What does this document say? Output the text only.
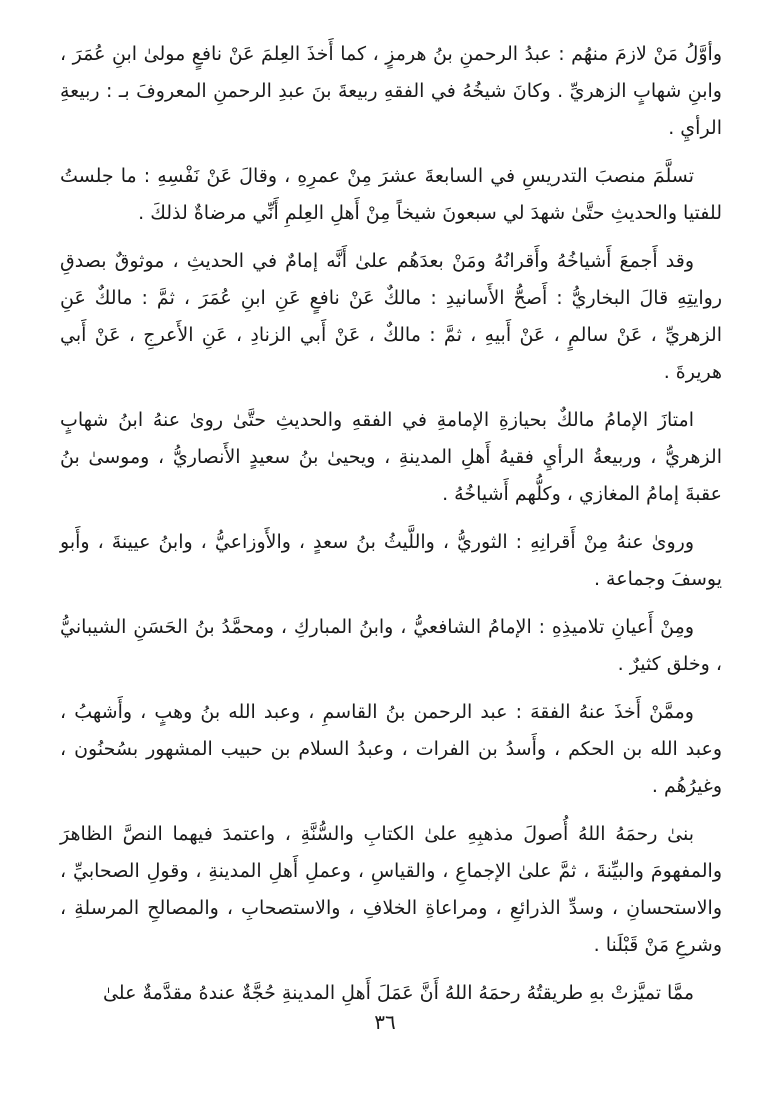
وأوَّلُ مَنْ لازمَ منهُم : عبدُ الرحمنِ بنُ هرمزٍ ، كما أَخذَ العِلمَ عَنْ نافعٍ مولىٰ ابنِ عُمَرَ ، وابنِ شهابٍ الزهريِّ . وكانَ شيخُهُ في الفقهِ ربيعةَ بنَ عبدِ الرحمنِ المعروفَ بـ : ربيعةِ الرأيِ .

تسلَّمَ منصبَ التدريسِ في السابعةَ عشرَ مِنْ عمرِهِ ، وقالَ عَنْ نَفْسِهِ : ما جلستُ للفتيا والحديثِ حتَّىٰ شهدَ لي سبعونَ شيخاً مِنْ أَهلِ العِلمِ أَنِّي مرضاةٌ لذلكَ .

وقد أَجمعَ أَشياخُهُ وأَقرانُهُ ومَنْ بعدَهُم علىٰ أَنَّه إمامٌ في الحديثِ ، موثوقٌ بصدقِ روايتِهِ قالَ البخاريُّ : أَصحُّ الأَسانيدِ : مالكٌ عَنْ نافعٍ عَنِ ابنِ عُمَرَ ، ثمَّ : مالكٌ عَنِ الزهريِّ ، عَنْ سالمٍ ، عَنْ أَبيهِ ، ثمَّ : مالكٌ ، عَنْ أَبي الزنادِ ، عَنِ الأَعرجِ ، عَنْ أَبي هريرةَ .

امتازَ الإمامُ مالكٌ بحيازةِ الإمامةِ في الفقهِ والحديثِ حتَّىٰ روىٰ عنهُ ابنُ شهابٍ الزهريُّ ، وربيعةُ الرأيِ فقيهُ أَهلِ المدينةِ ، ويحيىٰ بنُ سعيدٍ الأَنصاريُّ ، وموسىٰ بنُ عقبةَ إمامُ المغازي ، وكلُّهم أَشياخُهُ .

وروىٰ عنهُ مِنْ أَقرانِهِ : الثوريُّ ، واللَّيثُ بنُ سعدٍ ، والأَوزاعيُّ ، وابنُ عيينةَ ، وأَبو يوسفَ وجماعة .

ومِنْ أَعيانِ تلاميذِهِ : الإمامُ الشافعيُّ ، وابنُ المباركِ ، ومحمَّدُ بنُ الحَسَنِ الشيبانيُّ ، وخلق كثيرٌ .

وممَّنْ أَخذَ عنهُ الفقهَ : عبد الرحمن بنُ القاسمِ ، وعبد الله بنُ وهبٍ ، وأَشهبُ ، وعبد الله بن الحكم ، وأَسدُ بن الفرات ، وعبدُ السلام بن حبيب المشهور بسُحنُون ، وغيرُهُم .

بنىٰ رحمَهُ اللهُ أُصولَ مذهبِهِ علىٰ الكتابِ والسُّنَّةِ ، واعتمدَ فيهما النصَّ الظاهرَ والمفهومَ والبيِّنةَ ، ثمَّ علىٰ الإجماعِ ، والقياسِ ، وعملِ أَهلِ المدينةِ ، وقولِ الصحابيِّ ، والاستحسانِ ، وسدِّ الذرائعِ ، ومراعاةِ الخلافِ ، والاستصحابِ ، والمصالحِ المرسلةِ ، وشرعِ مَنْ قَبْلَنا .

ممَّا تميَّزتْ بهِ طريقتُهُ رحمَهُ اللهُ أَنَّ عَمَلَ أَهلِ المدينةِ حُجَّةٌ عندهُ مقدَّمةٌ علىٰ

٣٦
